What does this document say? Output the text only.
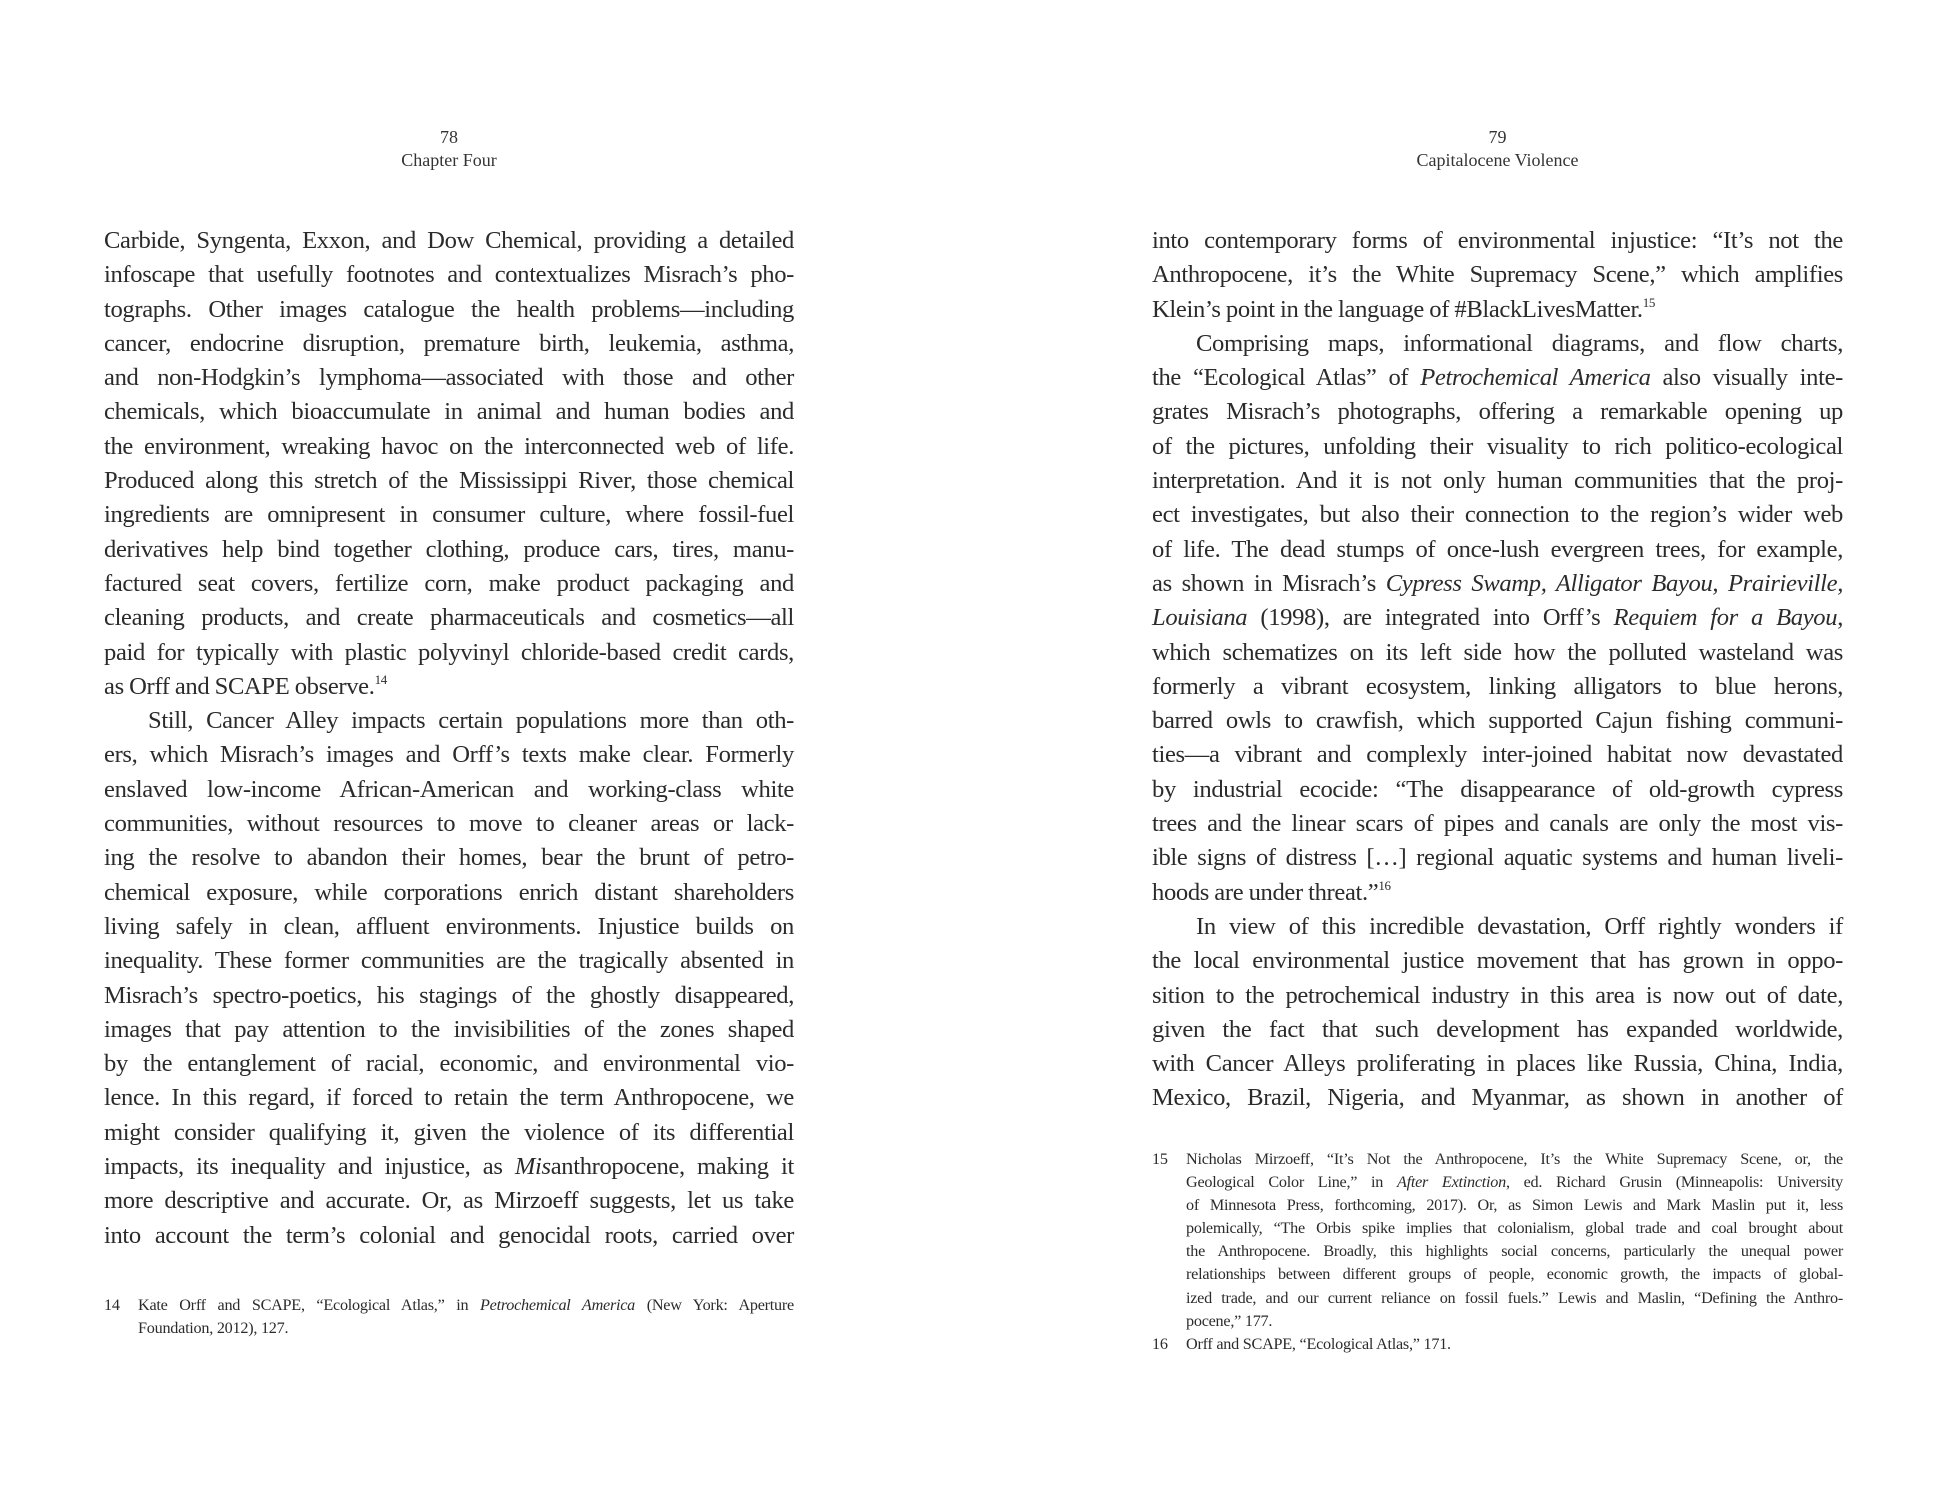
78
Chapter Four
Carbide, Syngenta, Exxon, and Dow Chemical, providing a detailed
infoscape that usefully footnotes and contextualizes Misrach’s pho-
tographs. Other images catalogue the health problems—including
cancer, endocrine disruption, premature birth, leukemia, asthma,
and non-Hodgkin’s lymphoma—associated with those and other
chemicals, which bioaccumulate in animal and human bodies and
the environment, wreaking havoc on the interconnected web of life.
Produced along this stretch of the Mississippi River, those chemical
ingredients are omnipresent in consumer culture, where fossil-fuel
derivatives help bind together clothing, produce cars, tires, manu-
factured seat covers, fertilize corn, make product packaging and
cleaning products, and create pharmaceuticals and cosmetics—all
paid for typically with plastic polyvinyl chloride-based credit cards,
as Orff and SCAPE observe.$^{14}$
Still, Cancer Alley impacts certain populations more than oth-
ers, which Misrach’s images and Orff’s texts make clear. Formerly
enslaved low-income African-American and working-class white
communities, without resources to move to cleaner areas or lack-
ing the resolve to abandon their homes, bear the brunt of petro-
chemical exposure, while corporations enrich distant shareholders
living safely in clean, affluent environments. Injustice builds on
inequality. These former communities are the tragically absented in
Misrach’s spectro-poetics, his stagings of the ghostly disappeared,
images that pay attention to the invisibilities of the zones shaped
by the entanglement of racial, economic, and environmental vio-
lence. In this regard, if forced to retain the term Anthropocene, we
might consider qualifying it, given the violence of its differential
impacts, its inequality and injustice, as Misanthropocene, making it
more descriptive and accurate. Or, as Mirzoeff suggests, let us take
into account the term’s colonial and genocidal roots, carried over
14 Kate Orff and SCAPE, “Ecological Atlas,” in Petrochemical America (New York: Aperture
Foundation, 2012), 127.
79
Capitalocene Violence
into contemporary forms of environmental injustice: “It’s not the
Anthropocene, it’s the White Supremacy Scene,” which amplifies
Klein’s point in the language of #BlackLivesMatter.$^{15}$
Comprising maps, informational diagrams, and flow charts,
the “Ecological Atlas” of Petrochemical America also visually inte-
grates Misrach’s photographs, offering a remarkable opening up
of the pictures, unfolding their visuality to rich politico-ecological
interpretation. And it is not only human communities that the proj-
ect investigates, but also their connection to the region’s wider web
of life. The dead stumps of once-lush evergreen trees, for example,
as shown in Misrach’s Cypress Swamp, Alligator Bayou, Prairieville,
Louisiana (1998), are integrated into Orff’s Requiem for a Bayou,
which schematizes on its left side how the polluted wasteland was
formerly a vibrant ecosystem, linking alligators to blue herons,
barred owls to crawfish, which supported Cajun fishing communi-
ties—a vibrant and complexly inter-joined habitat now devastated
by industrial ecocide: “The disappearance of old-growth cypress
trees and the linear scars of pipes and canals are only the most vis-
ible signs of distress […] regional aquatic systems and human liveli-
hoods are under threat.”$^{16}$
In view of this incredible devastation, Orff rightly wonders if
the local environmental justice movement that has grown in oppo-
sition to the petrochemical industry in this area is now out of date,
given the fact that such development has expanded worldwide,
with Cancer Alleys proliferating in places like Russia, China, India,
Mexico, Brazil, Nigeria, and Myanmar, as shown in another of
15 Nicholas Mirzoeff, “It’s Not the Anthropocene, It’s the White Supremacy Scene, or, the
Geological Color Line,” in After Extinction, ed. Richard Grusin (Minneapolis: University
of Minnesota Press, forthcoming, 2017). Or, as Simon Lewis and Mark Maslin put it, less
polemically, “The Orbis spike implies that colonialism, global trade and coal brought about
the Anthropocene. Broadly, this highlights social concerns, particularly the unequal power
relationships between different groups of people, economic growth, the impacts of global-
ized trade, and our current reliance on fossil fuels.” Lewis and Maslin, “Defining the Anthro-
pocene,” 177.
16 Orff and SCAPE, “Ecological Atlas,” 171.
